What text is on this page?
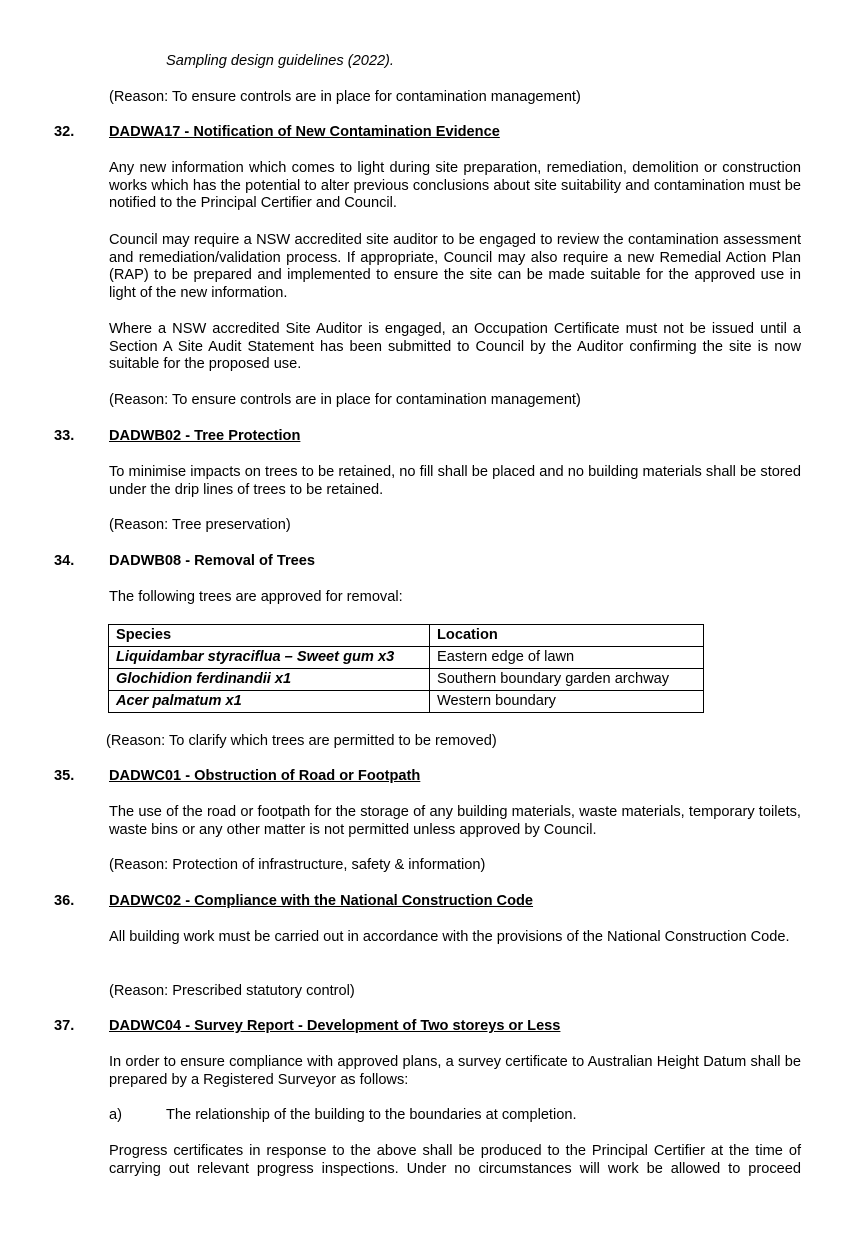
Sampling design guidelines (2022).
(Reason: To ensure controls are in place for contamination management)
32. DADWA17 - Notification of New Contamination Evidence
Any new information which comes to light during site preparation, remediation, demolition or construction works which has the potential to alter previous conclusions about site suitability and contamination must be notified to the Principal Certifier and Council.
Council may require a NSW accredited site auditor to be engaged to review the contamination assessment and remediation/validation process. If appropriate, Council may also require a new Remedial Action Plan (RAP) to be prepared and implemented to ensure the site can be made suitable for the approved use in light of the new information.
Where a NSW accredited Site Auditor is engaged, an Occupation Certificate must not be issued until a Section A Site Audit Statement has been submitted to Council by the Auditor confirming the site is now suitable for the proposed use.
(Reason: To ensure controls are in place for contamination management)
33. DADWB02 - Tree Protection
To minimise impacts on trees to be retained, no fill shall be placed and no building materials shall be stored under the drip lines of trees to be retained.
(Reason: Tree preservation)
34. DADWB08 - Removal of Trees
The following trees are approved for removal:
Species	Location
Liquidambar styraciflua – Sweet gum x3	Eastern edge of lawn
Glochidion ferdinandii x1	Southern boundary garden archway
Acer palmatum x1	Western boundary
(Reason: To clarify which trees are permitted to be removed)
35. DADWC01 - Obstruction of Road or Footpath
The use of the road or footpath for the storage of any building materials, waste materials, temporary toilets, waste bins or any other matter is not permitted unless approved by Council.
(Reason: Protection of infrastructure, safety & information)
36. DADWC02 - Compliance with the National Construction Code
All building work must be carried out in accordance with the provisions of the National Construction Code.
(Reason: Prescribed statutory control)
37. DADWC04 - Survey Report - Development of Two storeys or Less
In order to ensure compliance with approved plans, a survey certificate to Australian Height Datum shall be prepared by a Registered Surveyor as follows:
a)	The relationship of the building to the boundaries at completion.
Progress certificates in response to the above shall be produced to the Principal Certifier at the time of carrying out relevant progress inspections. Under no circumstances will work be allowed to proceed
